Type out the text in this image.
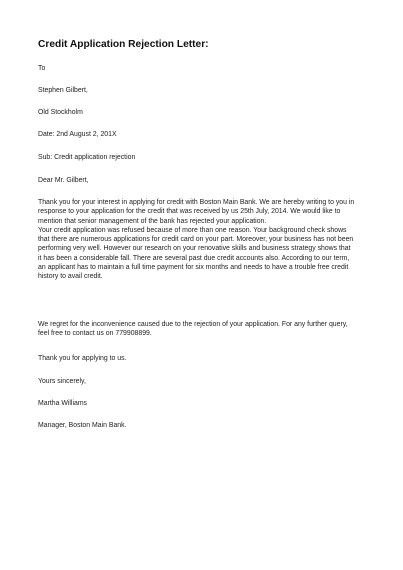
Credit Application Rejection Letter:
To
Stephen Gilbert,
Old Stockholm
Date: 2nd August 2, 201X
Sub: Credit application rejection
Dear Mr. Gilbert,
Thank you for your interest in applying for credit with Boston Main Bank. We are hereby writing to you in
response to your application for the credit that was received by us 25th July, 2014. We would like to
mention that senior management of the bank has rejected your application.
Your credit application was refused because of more than one reason. Your background check shows
that there are numerous applications for credit card on your part. Moreover, your business has not been
performing very well. However our research on your renovative skills and business strategy shows that
it has been a considerable fall. There are several past due credit accounts also. According to our term,
an applicant has to maintain a full time payment for six months and needs to have a trouble free credit
history to avail credit.
We regret for the inconvenience caused due to the rejection of your application. For any further query,
feel free to contact us on 779908899.
Thank you for applying to us.
Yours sincerely,
Martha Williams
Manager, Boston Main Bank.
